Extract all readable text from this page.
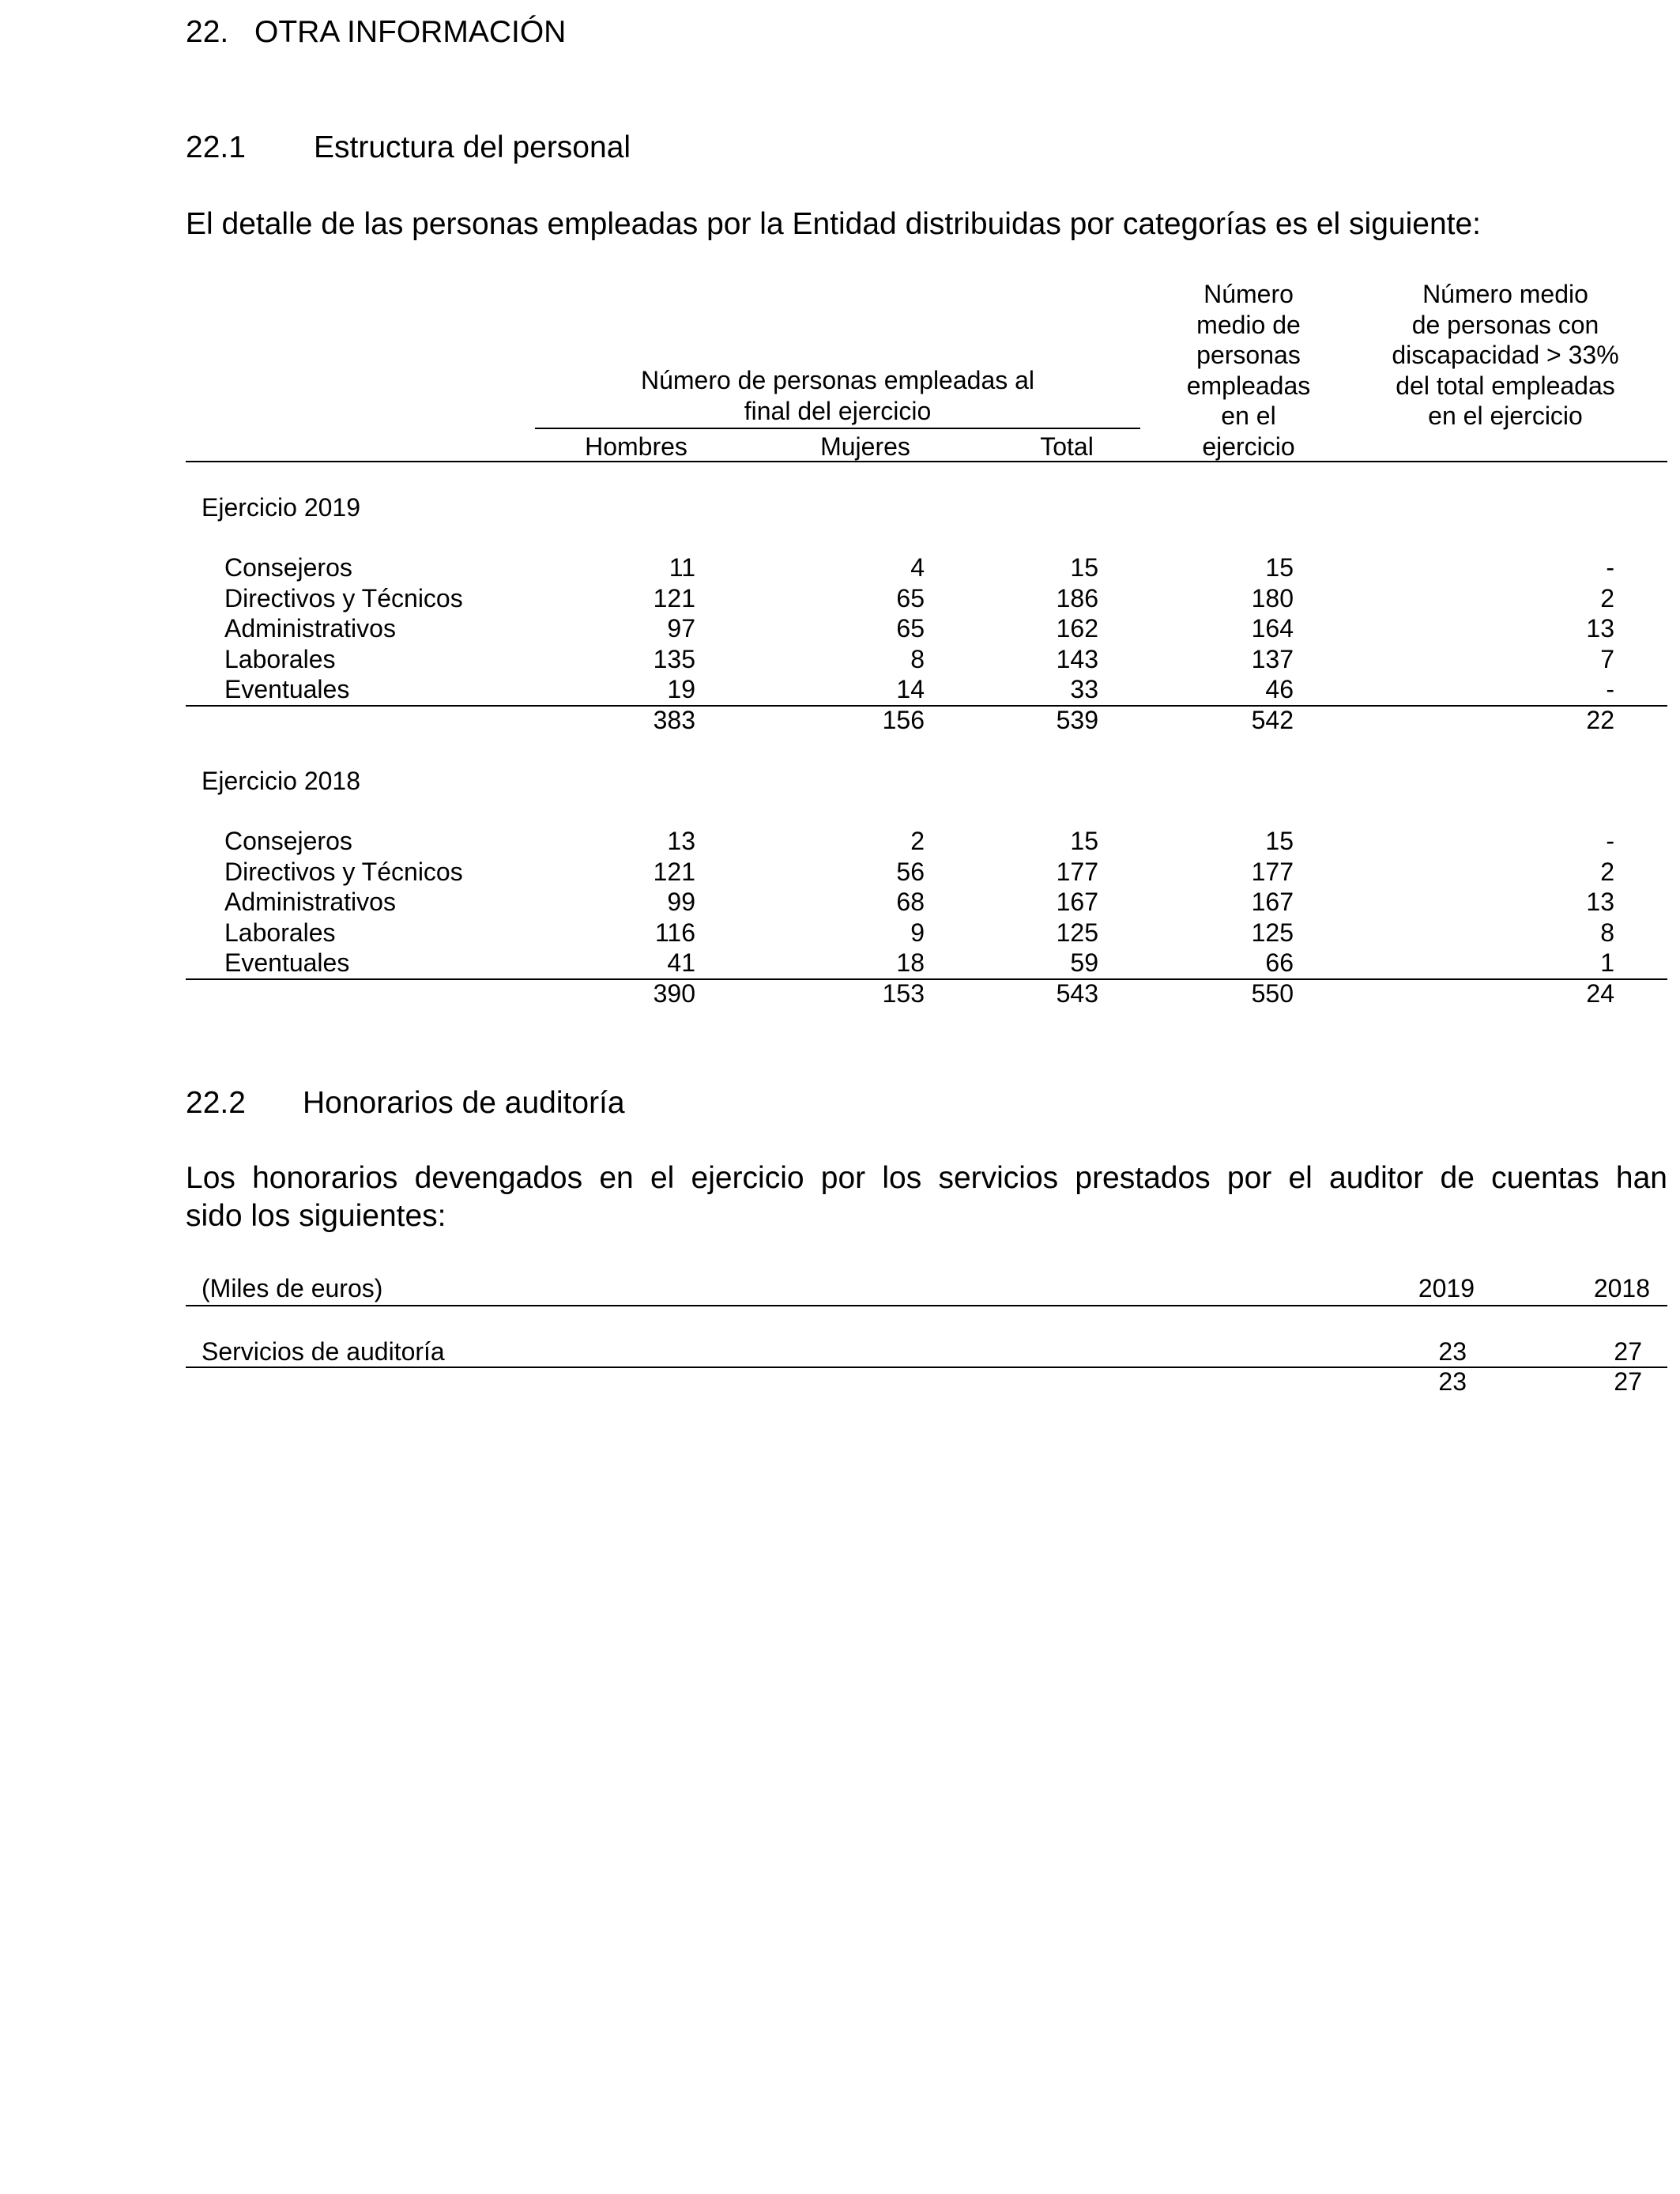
22. OTRA INFORMACIÓN
22.1 Estructura del personal
El detalle de las personas empleadas por la Entidad distribuidas por categorías es el siguiente:
Número de personas empleadas al
final del ejercicio
Hombres	Mujeres	Total
Número
medio de
personas
empleadas
en el
ejercicio
Número medio
de personas con
discapacidad > 33%
del total empleadas
en el ejercicio
Ejercicio 2019
Consejeros	11	4	15	15	-
Directivos y Técnicos	121	65	186	180	2
Administrativos	97	65	162	164	13
Laborales	135	8	143	137	7
Eventuales	19	14	33	46	-
383	156	539	542	22
Ejercicio 2018
Consejeros	13	2	15	15	-
Directivos y Técnicos	121	56	177	177	2
Administrativos	99	68	167	167	13
Laborales	116	9	125	125	8
Eventuales	41	18	59	66	1
390	153	543	550	24
22.2 Honorarios de auditoría
Los honorarios devengados en el ejercicio por los servicios prestados por el auditor de cuentas han
sido los siguientes:
(Miles de euros)	2019	2018
Servicios de auditoría	23	27
23	27
